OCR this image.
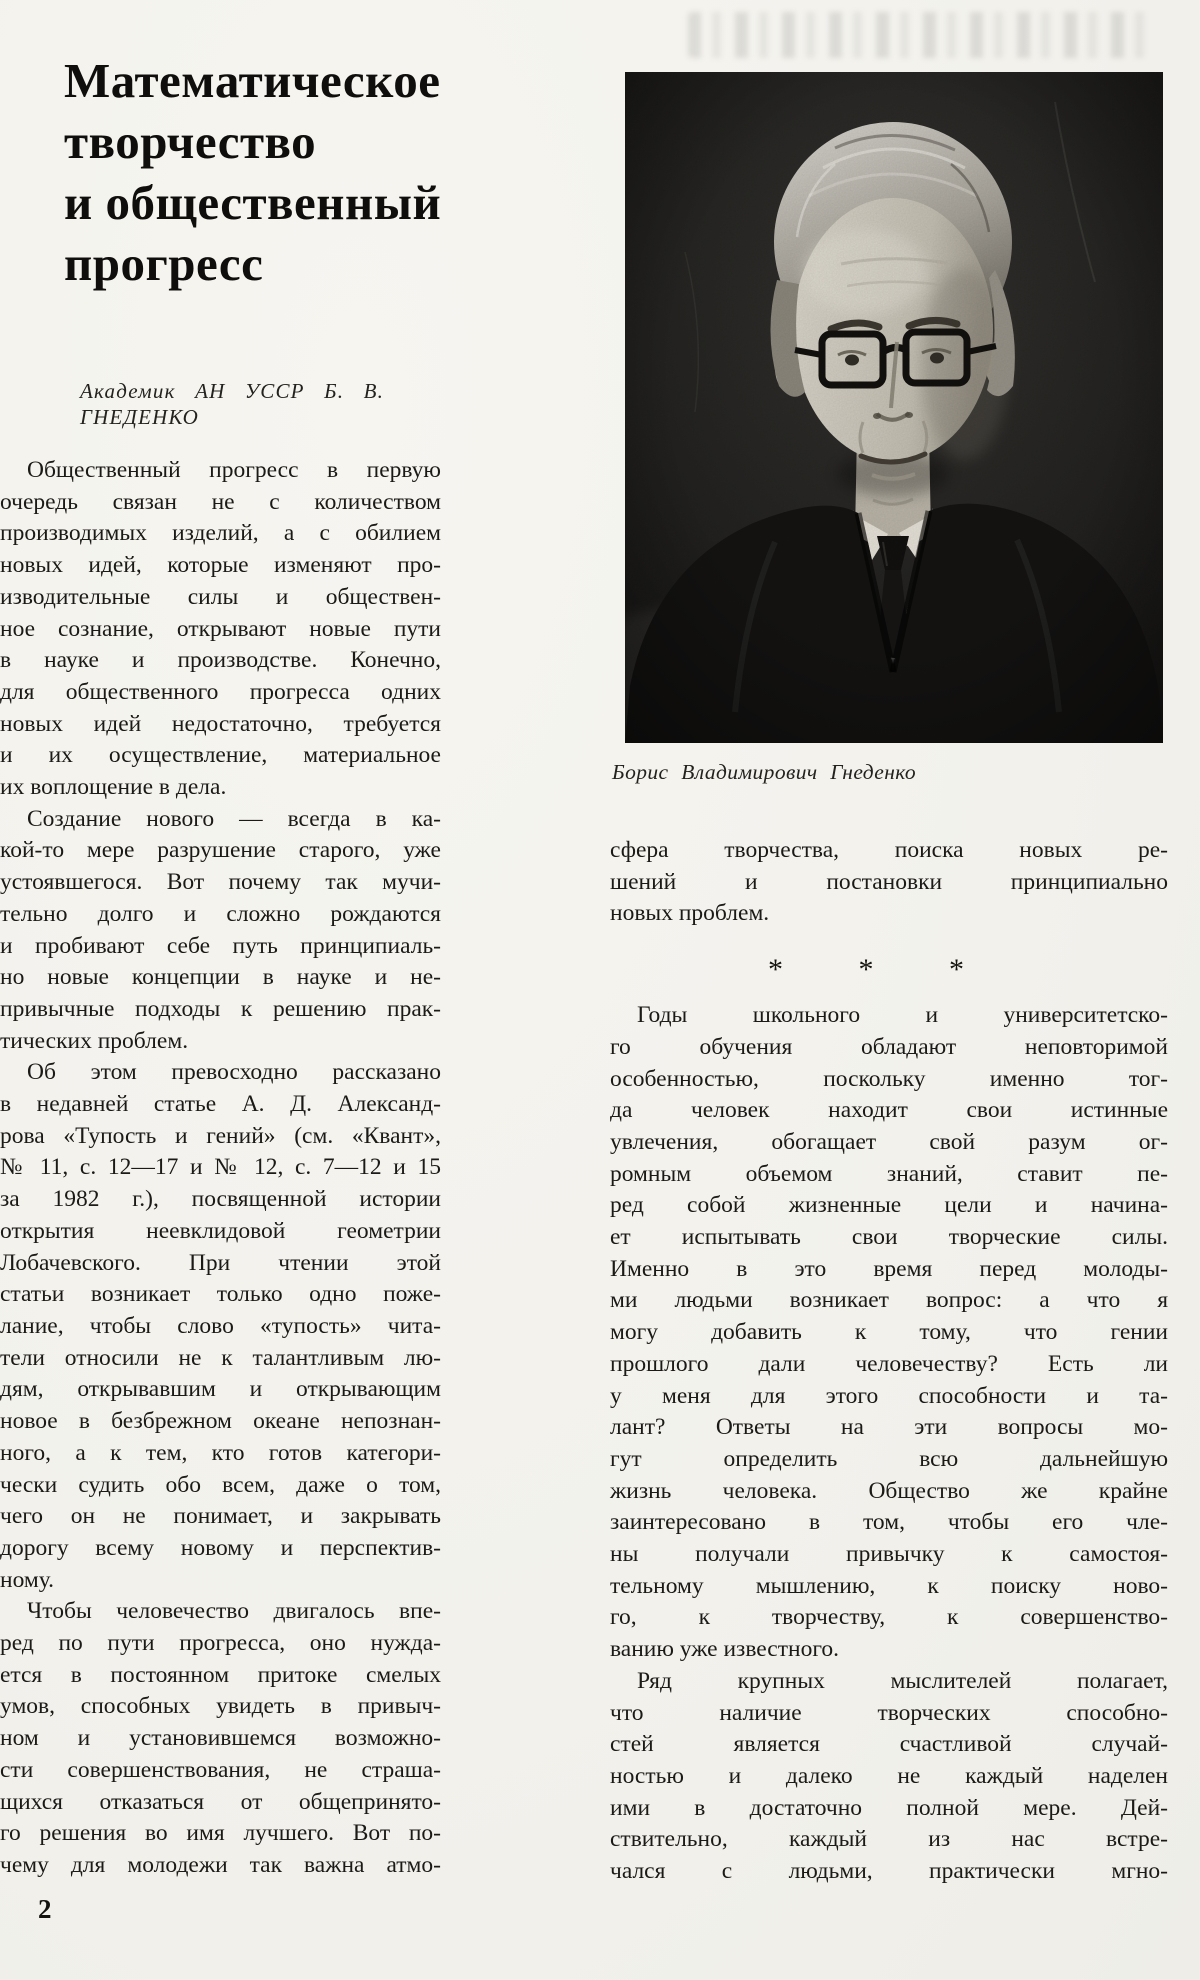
Математическое
творчество
и общественный
прогресс
Академик АН УССР Б. В. ГНЕДЕНКО
Общественный прогресс в первую
очередь связан не с количеством
производимых изделий, а с обилием
новых идей, которые изменяют про-
изводительные силы и обществен-
ное сознание, открывают новые пути
в науке и производстве. Конечно,
для общественного прогресса одних
новых идей недостаточно, требуется
и их осуществление, материальное
их воплощение в дела.
Создание нового — всегда в ка-
кой-то мере разрушение старого, уже
устоявшегося. Вот почему так мучи-
тельно долго и сложно рождаются
и пробивают себе путь принципиаль-
но новые концепции в науке и не-
привычные подходы к решению прак-
тических проблем.
Об этом превосходно рассказано
в недавней статье А. Д. Александ-
рова «Тупость и гений» (см. «Квант»,
№ 11, с. 12—17 и № 12, с. 7—12 и 15
за 1982 г.), посвященной истории
открытия неевклидовой геометрии
Лобачевского. При чтении этой
статьи возникает только одно поже-
лание, чтобы слово «тупость» чита-
тели относили не к талантливым лю-
дям, открывавшим и открывающим
новое в безбрежном океане непознан-
ного, а к тем, кто готов категори-
чески судить обо всем, даже о том,
чего он не понимает, и закрывать
дорогу всему новому и перспектив-
ному.
Чтобы человечество двигалось впе-
ред по пути прогресса, оно нужда-
ется в постоянном притоке смелых
умов, способных увидеть в привыч-
ном и установившемся возможно-
сти совершенствования, не страша-
щихся отказаться от общепринято-
го решения во имя лучшего. Вот по-
чему для молодежи так важна атмо-
2
Борис Владимирович Гнеденко
сфера творчества, поиска новых ре-
шений и постановки принципиально
новых проблем.
* * *
Годы школьного и университетско-
го обучения обладают неповторимой
особенностью, поскольку именно тог-
да человек находит свои истинные
увлечения, обогащает свой разум ог-
ромным объемом знаний, ставит пе-
ред собой жизненные цели и начина-
ет испытывать свои творческие силы.
Именно в это время перед молоды-
ми людьми возникает вопрос: а что я
могу добавить к тому, что гении
прошлого дали человечеству? Есть ли
у меня для этого способности и та-
лант? Ответы на эти вопросы мо-
гут определить всю дальнейшую
жизнь человека. Общество же крайне
заинтересовано в том, чтобы его чле-
ны получали привычку к самостоя-
тельному мышлению, к поиску ново-
го, к творчеству, к совершенство-
ванию уже известного.
Ряд крупных мыслителей полагает,
что наличие творческих способно-
стей является счастливой случай-
ностью и далеко не каждый наделен
ими в достаточно полной мере. Дей-
ствительно, каждый из нас встре-
чался с людьми, практически мгно-
